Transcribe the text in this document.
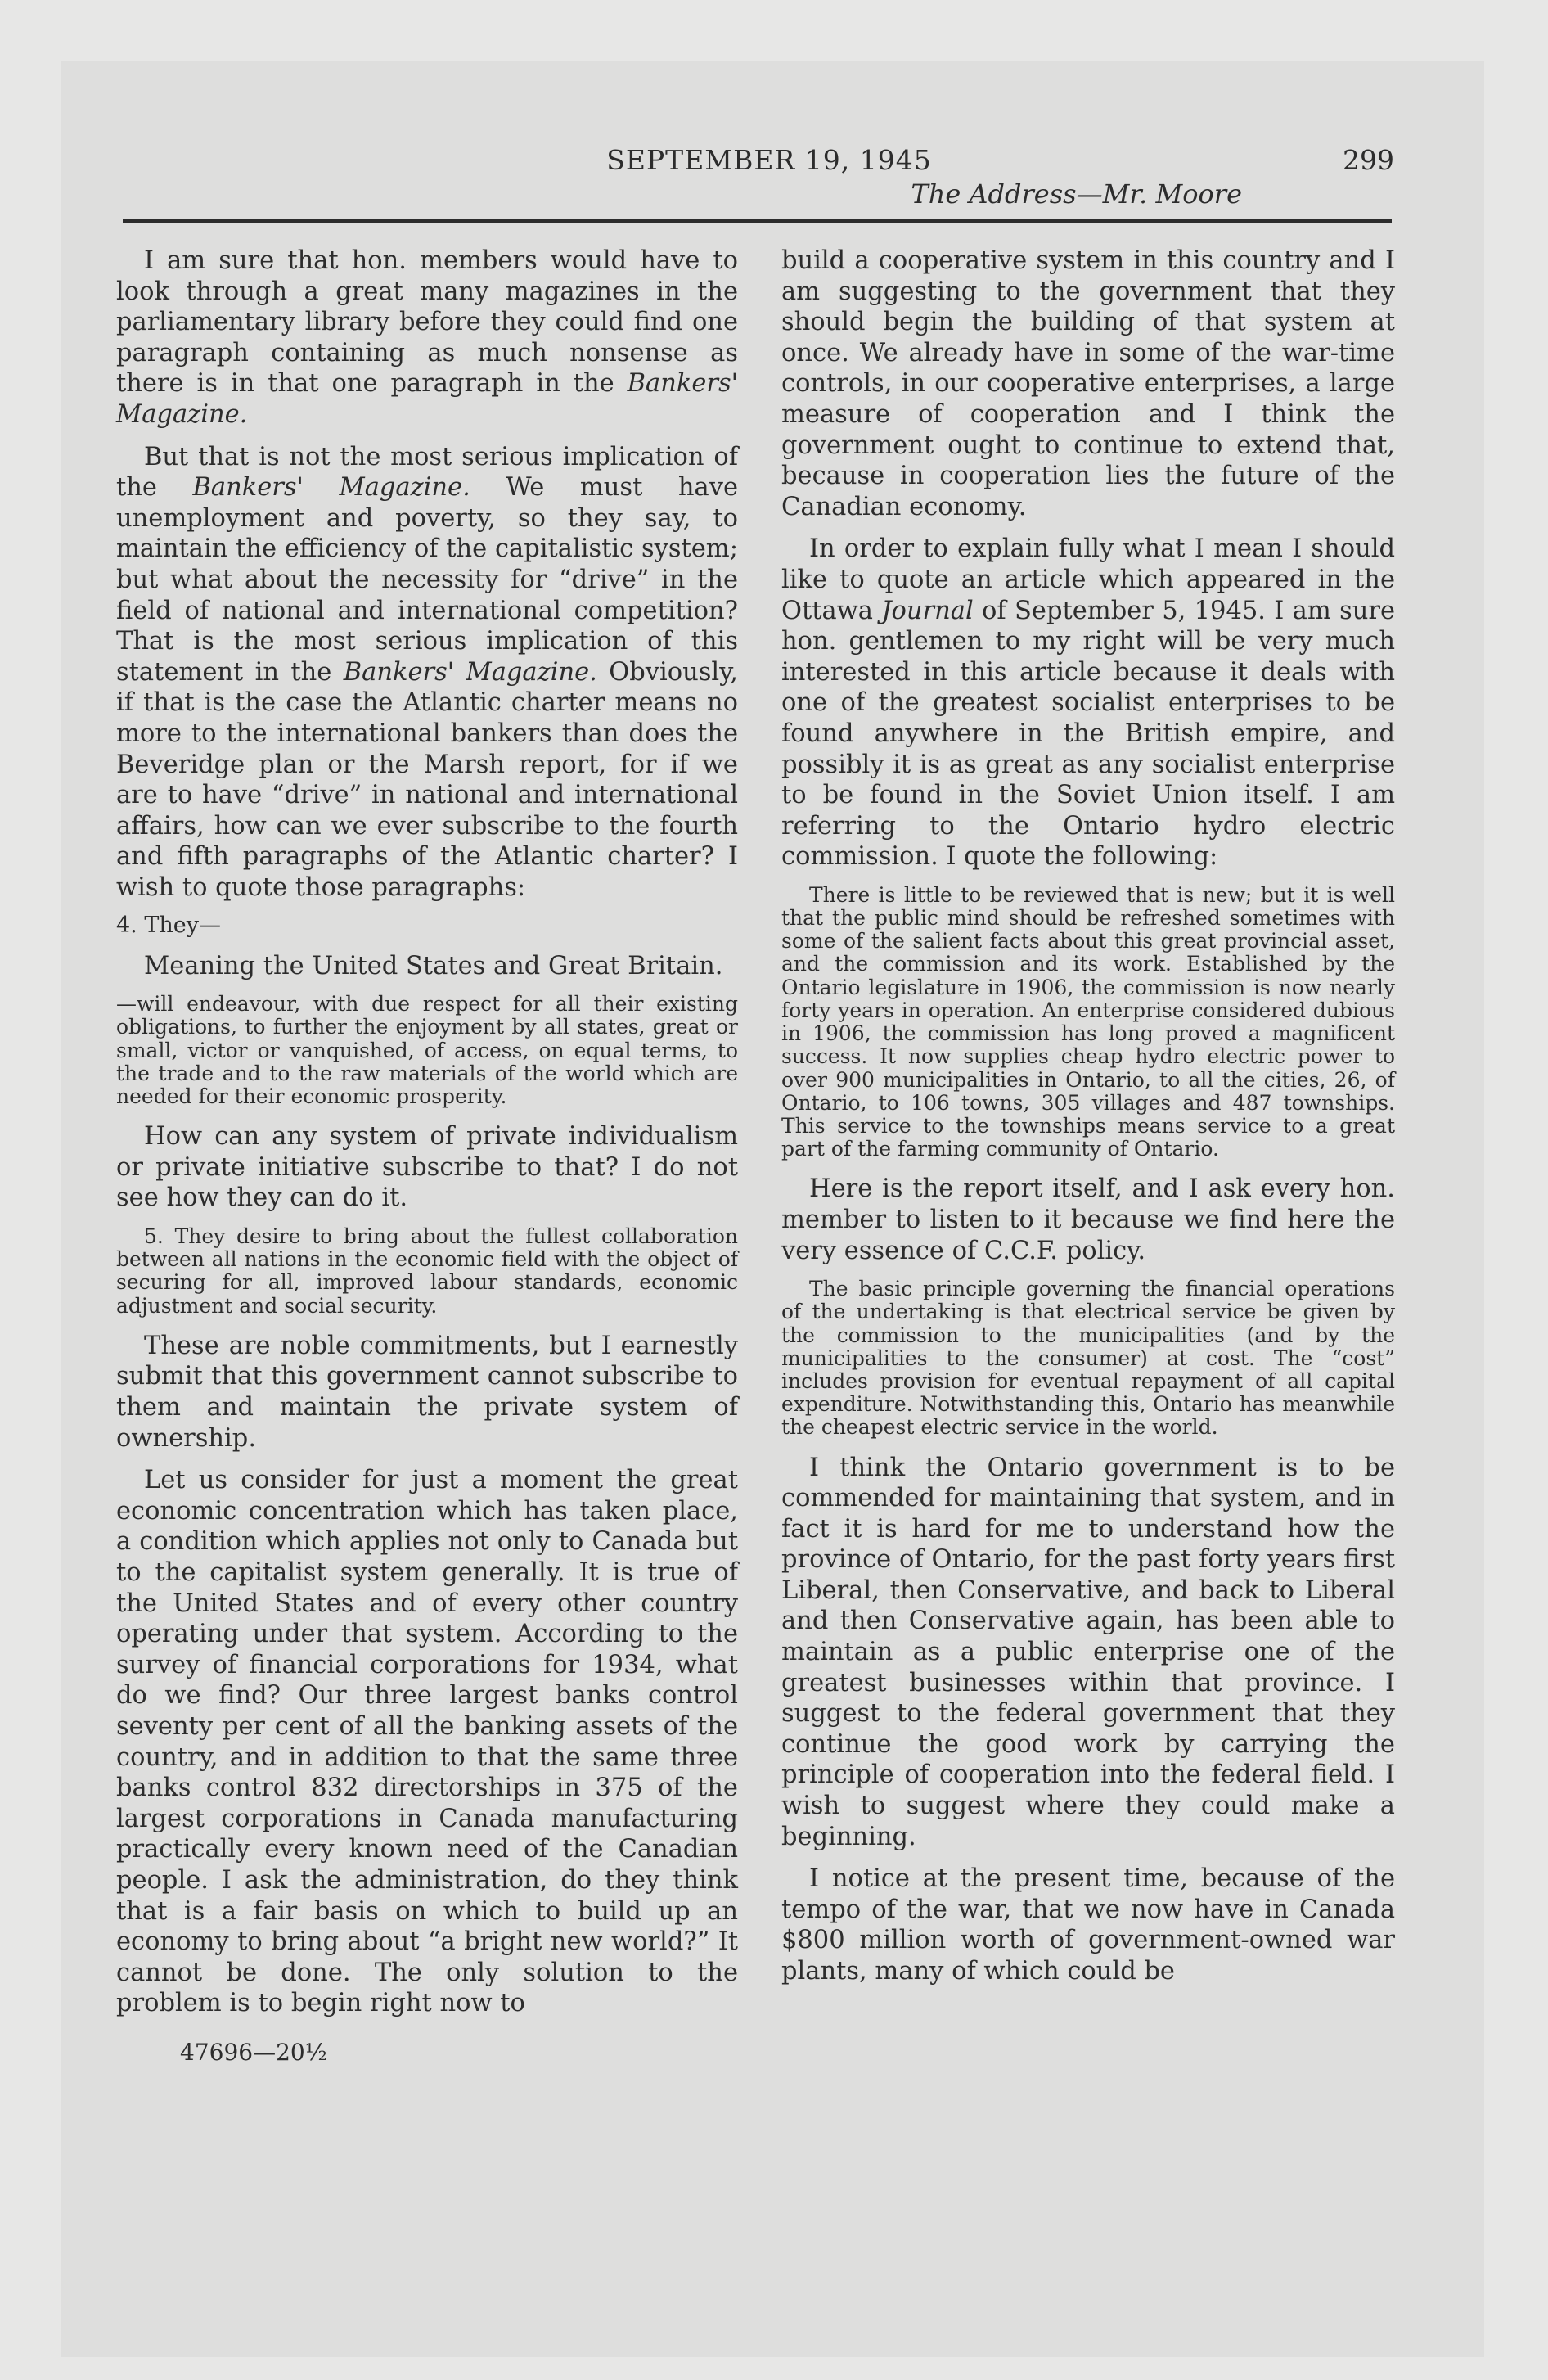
SEPTEMBER 19, 1945	299
The Address—Mr. Moore

I am sure that hon. members would have to look through a great many magazines in the parliamentary library before they could find one paragraph containing as much nonsense as there is in that one paragraph in the Bankers' Magazine.

But that is not the most serious implication of the Bankers' Magazine. We must have unemployment and poverty, so they say, to maintain the efficiency of the capitalistic system; but what about the necessity for “drive” in the field of national and international competition? That is the most serious implication of this statement in the Bankers' Magazine. Obviously, if that is the case the Atlantic charter means no more to the international bankers than does the Beveridge plan or the Marsh report, for if we are to have “drive” in national and international affairs, how can we ever subscribe to the fourth and fifth paragraphs of the Atlantic charter? I wish to quote those paragraphs:

4. They—

Meaning the United States and Great Britain.

—will endeavour, with due respect for all their existing obligations, to further the enjoyment by all states, great or small, victor or vanquished, of access, on equal terms, to the trade and to the raw materials of the world which are needed for their economic prosperity.

How can any system of private individualism or private initiative subscribe to that? I do not see how they can do it.

5. They desire to bring about the fullest collaboration between all nations in the economic field with the object of securing for all, improved labour standards, economic adjustment and social security.

These are noble commitments, but I earnestly submit that this government cannot subscribe to them and maintain the private system of ownership.

Let us consider for just a moment the great economic concentration which has taken place, a condition which applies not only to Canada but to the capitalist system generally. It is true of the United States and of every other country operating under that system. According to the survey of financial corporations for 1934, what do we find? Our three largest banks control seventy per cent of all the banking assets of the country, and in addition to that the same three banks control 832 directorships in 375 of the largest corporations in Canada manufacturing practically every known need of the Canadian people. I ask the administration, do they think that is a fair basis on which to build up an economy to bring about “a bright new world?” It cannot be done. The only solution to the problem is to begin right now to

47696—20½

build a cooperative system in this country and I am suggesting to the government that they should begin the building of that system at once. We already have in some of the war-time controls, in our cooperative enterprises, a large measure of cooperation and I think the government ought to continue to extend that, because in cooperation lies the future of the Canadian economy.

In order to explain fully what I mean I should like to quote an article which appeared in the Ottawa Journal of September 5, 1945. I am sure hon. gentlemen to my right will be very much interested in this article because it deals with one of the greatest socialist enterprises to be found anywhere in the British empire, and possibly it is as great as any socialist enterprise to be found in the Soviet Union itself. I am referring to the Ontario hydro electric commission. I quote the following:

There is little to be reviewed that is new; but it is well that the public mind should be refreshed sometimes with some of the salient facts about this great provincial asset, and the commission and its work. Established by the Ontario legislature in 1906, the commission is now nearly forty years in operation. An enterprise considered dubious in 1906, the commission has long proved a magnificent success. It now supplies cheap hydro electric power to over 900 municipalities in Ontario, to all the cities, 26, of Ontario, to 106 towns, 305 villages and 487 townships. This service to the townships means service to a great part of the farming community of Ontario.

Here is the report itself, and I ask every hon. member to listen to it because we find here the very essence of C.C.F. policy.

The basic principle governing the financial operations of the undertaking is that electrical service be given by the commission to the municipalities (and by the municipalities to the consumer) at cost. The “cost” includes provision for eventual repayment of all capital expenditure. Notwithstanding this, Ontario has meanwhile the cheapest electric service in the world.

I think the Ontario government is to be commended for maintaining that system, and in fact it is hard for me to understand how the province of Ontario, for the past forty years first Liberal, then Conservative, and back to Liberal and then Conservative again, has been able to maintain as a public enterprise one of the greatest businesses within that province. I suggest to the federal government that they continue the good work by carrying the principle of cooperation into the federal field. I wish to suggest where they could make a beginning.

I notice at the present time, because of the tempo of the war, that we now have in Canada $800 million worth of government-owned war plants, many of which could be
